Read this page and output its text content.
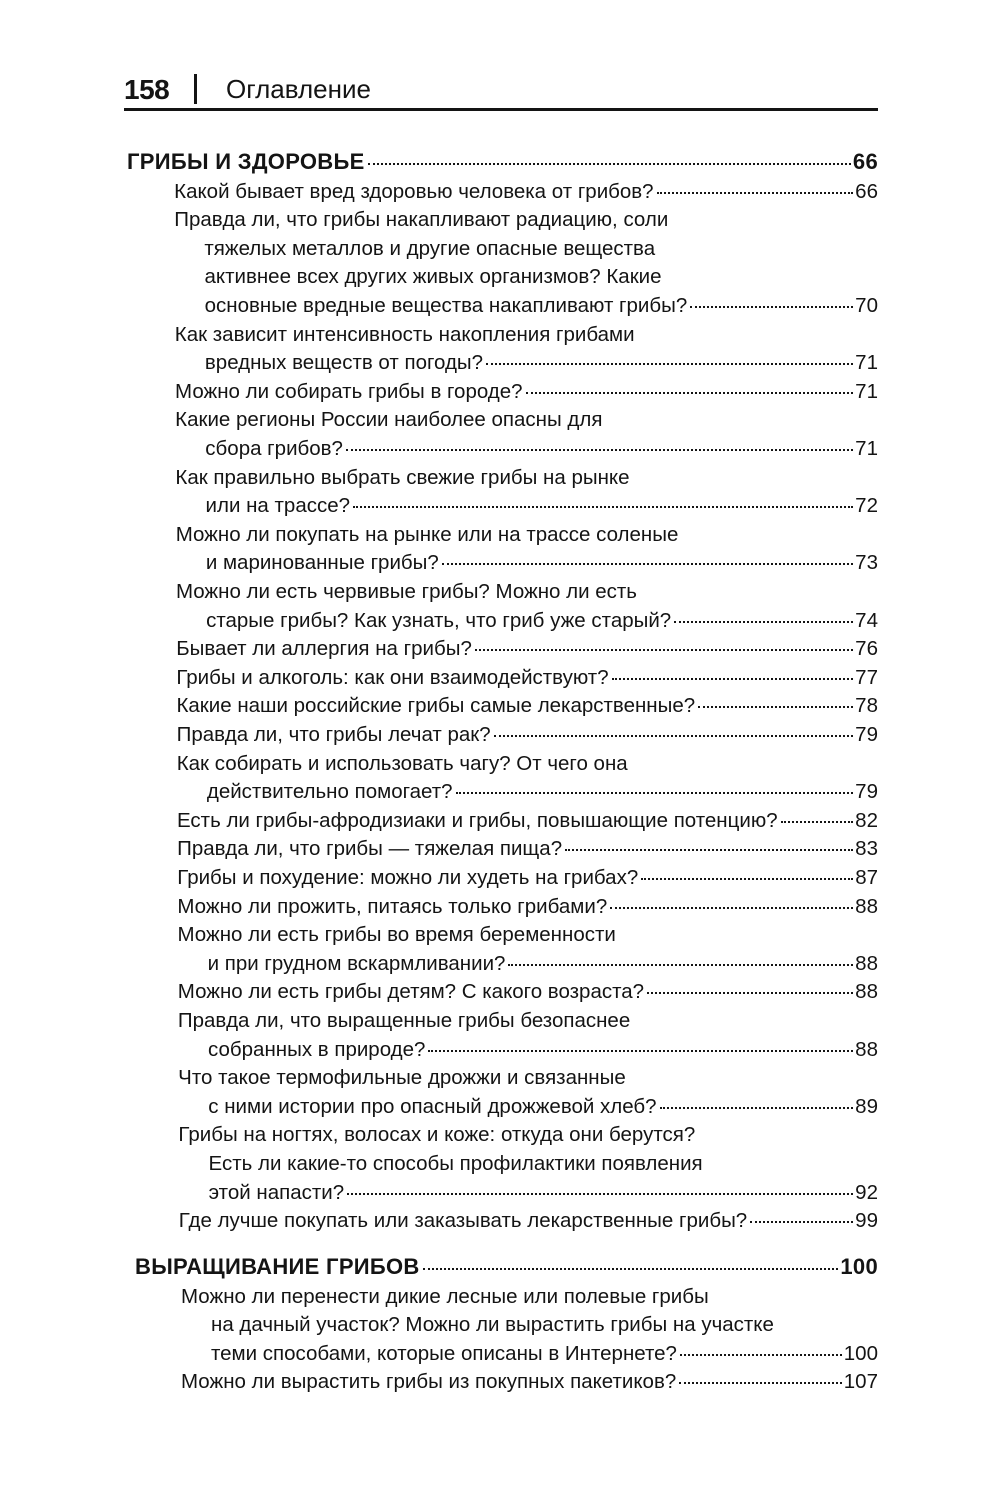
158 Оглавление
ГРИБЫ И ЗДОРОВЬЕ	66
Какой бывает вред здоровью человека от грибов?	66
Правда ли, что грибы накапливают радиацию, соли
тяжелых металлов и другие опасные вещества
активнее всех других живых организмов? Какие
основные вредные вещества накапливают грибы?	70
Как зависит интенсивность накопления грибами
вредных веществ от погоды?	71
Можно ли собирать грибы в городе?	71
Какие регионы России наиболее опасны для
сбора грибов?	71
Как правильно выбрать свежие грибы на рынке
или на трассе?	72
Можно ли покупать на рынке или на трассе соленые
и маринованные грибы?	73
Можно ли есть червивые грибы? Можно ли есть
старые грибы? Как узнать, что гриб уже старый?	74
Бывает ли аллергия на грибы?	76
Грибы и алкоголь: как они взаимодействуют?	77
Какие наши российские грибы самые лекарственные?	78
Правда ли, что грибы лечат рак?	79
Как собирать и использовать чагу? От чего она
действительно помогает?	79
Есть ли грибы-афродизиаки и грибы, повышающие потенцию?	82
Правда ли, что грибы — тяжелая пища?	83
Грибы и похудение: можно ли худеть на грибах?	87
Можно ли прожить, питаясь только грибами?	88
Можно ли есть грибы во время беременности
и при грудном вскармливании?	88
Можно ли есть грибы детям? С какого возраста?	88
Правда ли, что выращенные грибы безопаснее
собранных в природе?	88
Что такое термофильные дрожжи и связанные
с ними истории про опасный дрожжевой хлеб?	89
Грибы на ногтях, волосах и коже: откуда они берутся?
Есть ли какие-то способы профилактики появления
этой напасти?	92
Где лучше покупать или заказывать лекарственные грибы?	99
ВЫРАЩИВАНИЕ ГРИБОВ	100
Можно ли перенести дикие лесные или полевые грибы
на дачный участок? Можно ли вырастить грибы на участке
теми способами, которые описаны в Интернете?	100
Можно ли вырастить грибы из покупных пакетиков?	107
